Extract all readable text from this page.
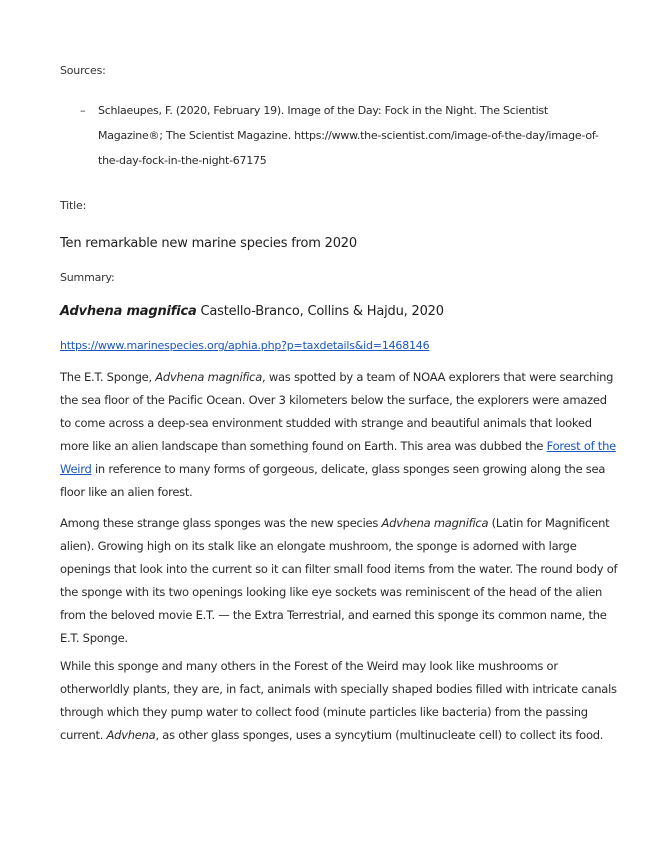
Sources:
– Schlaeupes, F. (2020, February 19). Image of the Day: Fock in the Night. The Scientist Magazine®; The Scientist Magazine. https://www.the-scientist.com/image-of-the-day/image-of-the-day-fock-in-the-night-67175
Title:
Ten remarkable new marine species from 2020
Summary:
Advhena magnifica Castello-Branco, Collins & Hajdu, 2020
https://www.marinespecies.org/aphia.php?p=taxdetails&id=1468146
The E.T. Sponge, Advhena magnifica, was spotted by a team of NOAA explorers that were searching the sea floor of the Pacific Ocean. Over 3 kilometers below the surface, the explorers were amazed to come across a deep-sea environment studded with strange and beautiful animals that looked more like an alien landscape than something found on Earth. This area was dubbed the Forest of the Weird in reference to many forms of gorgeous, delicate, glass sponges seen growing along the sea floor like an alien forest.
Among these strange glass sponges was the new species Advhena magnifica (Latin for Magnificent alien). Growing high on its stalk like an elongate mushroom, the sponge is adorned with large openings that look into the current so it can filter small food items from the water. The round body of the sponge with its two openings looking like eye sockets was reminiscent of the head of the alien from the beloved movie E.T. — the Extra Terrestrial, and earned this sponge its common name, the E.T. Sponge.
While this sponge and many others in the Forest of the Weird may look like mushrooms or otherworldly plants, they are, in fact, animals with specially shaped bodies filled with intricate canals through which they pump water to collect food (minute particles like bacteria) from the passing current. Advhena, as other glass sponges, uses a syncytium (multinucleate cell) to collect its food.
